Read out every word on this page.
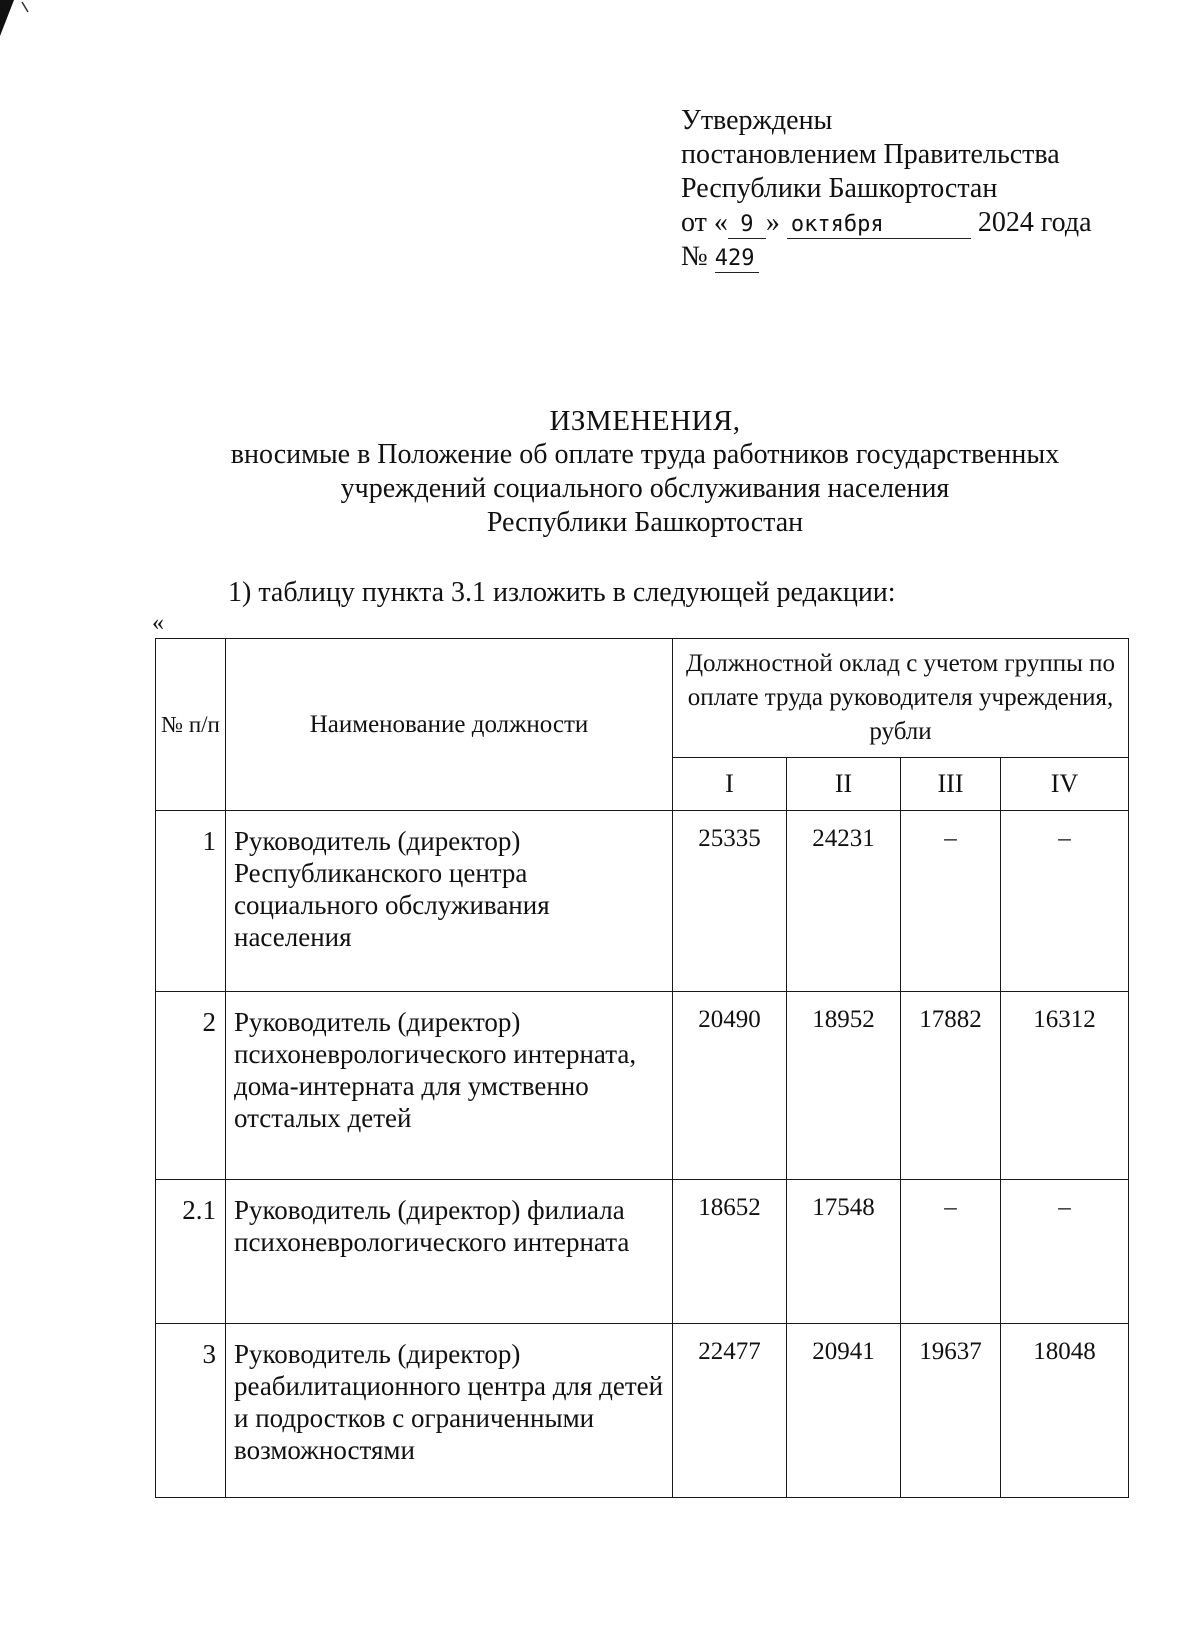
Утверждены
постановлением Правительства
Республики Башкортостан
от « 9 » октября	2024 года
№ 429
ИЗМЕНЕНИЯ,
вносимые в Положение об оплате труда работников государственных
учреждений социального обслуживания населения
Республики Башкортостан
1) таблицу пункта 3.1 изложить в следующей редакции:
«
№ п/п	Наименование должности	Должностной оклад с учетом группы по оплате труда руководителя учреждения, рубли			
		I	II	III	IV
1	Руководитель (директор) Республиканского центра социального обслуживания населения	25335	24231	–	–
2	Руководитель (директор) психоневрологического интерната, дома-интерната для умственно отсталых детей	20490	18952	17882	16312
2.1	Руководитель (директор) филиала психоневрологического интерната	18652	17548	–	–
3	Руководитель (директор) реабилитационного центра для детей и подростков с ограниченными возможностями	22477	20941	19637	18048
